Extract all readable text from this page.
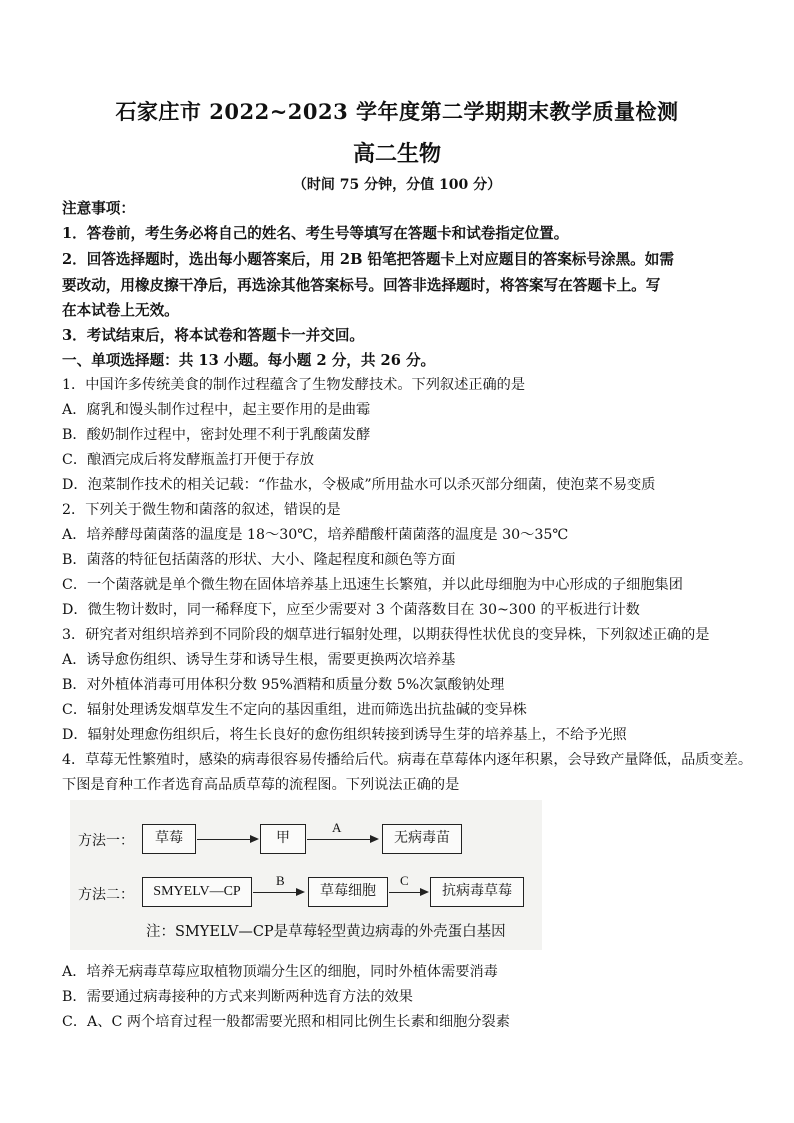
石家庄市 2022~2023 学年度第二学期期末教学质量检测
高二生物
（时间 75 分钟，分值 100 分）
注意事项：
1．答卷前，考生务必将自己的姓名、考生号等填写在答题卡和试卷指定位置。
2．回答选择题时，选出每小题答案后，用 2B 铅笔把答题卡上对应题目的答案标号涂黑。如需
要改动，用橡皮擦干净后，再选涂其他答案标号。回答非选择题时，将答案写在答题卡上。写
在本试卷上无效。
3．考试结束后，将本试卷和答题卡一并交回。
一、单项选择题：共 13 小题。每小题 2 分，共 26 分。
1．中国许多传统美食的制作过程蕴含了生物发酵技术。下列叙述正确的是
A．腐乳和馒头制作过程中，起主要作用的是曲霉
B．酸奶制作过程中，密封处理不利于乳酸菌发酵
C．酿酒完成后将发酵瓶盖打开便于存放
D．泡菜制作技术的相关记载：“作盐水，令极咸”所用盐水可以杀灭部分细菌，使泡菜不易变质
2．下列关于微生物和菌落的叙述，错误的是
A．培养酵母菌菌落的温度是 18～30℃，培养醋酸杆菌菌落的温度是 30～35℃
B．菌落的特征包括菌落的形状、大小、隆起程度和颜色等方面
C．一个菌落就是单个微生物在固体培养基上迅速生长繁殖，并以此母细胞为中心形成的子细胞集团
D．微生物计数时，同一稀释度下，应至少需要对 3 个菌落数目在 30~300 的平板进行计数
3．研究者对组织培养到不同阶段的烟草进行辐射处理，以期获得性状优良的变异株，下列叙述正确的是
A．诱导愈伤组织、诱导生芽和诱导生根，需要更换两次培养基
B．对外植体消毒可用体积分数 95%酒精和质量分数 5%次氯酸钠处理
C．辐射处理诱发烟草发生不定向的基因重组，进而筛选出抗盐碱的变异株
D．辐射处理愈伤组织后，将生长良好的愈伤组织转接到诱导生芽的培养基上，不给予光照
4．草莓无性繁殖时，感染的病毒很容易传播给后代。病毒在草莓体内逐年积累，会导致产量降低，品质变差。
下图是育种工作者选育高品质草莓的流程图。下列说法正确的是
方法一：	草莓	甲
A
无病毒苗
方法二：	SMYELV—CP
B
草莓细胞
C
抗病毒草莓
注：SMYELV—CP是草莓轻型黄边病毒的外壳蛋白基因
A．培养无病毒草莓应取植物顶端分生区的细胞，同时外植体需要消毒
B．需要通过病毒接种的方式来判断两种选育方法的效果
C．A、C 两个培育过程一般都需要光照和相同比例生长素和细胞分裂素
